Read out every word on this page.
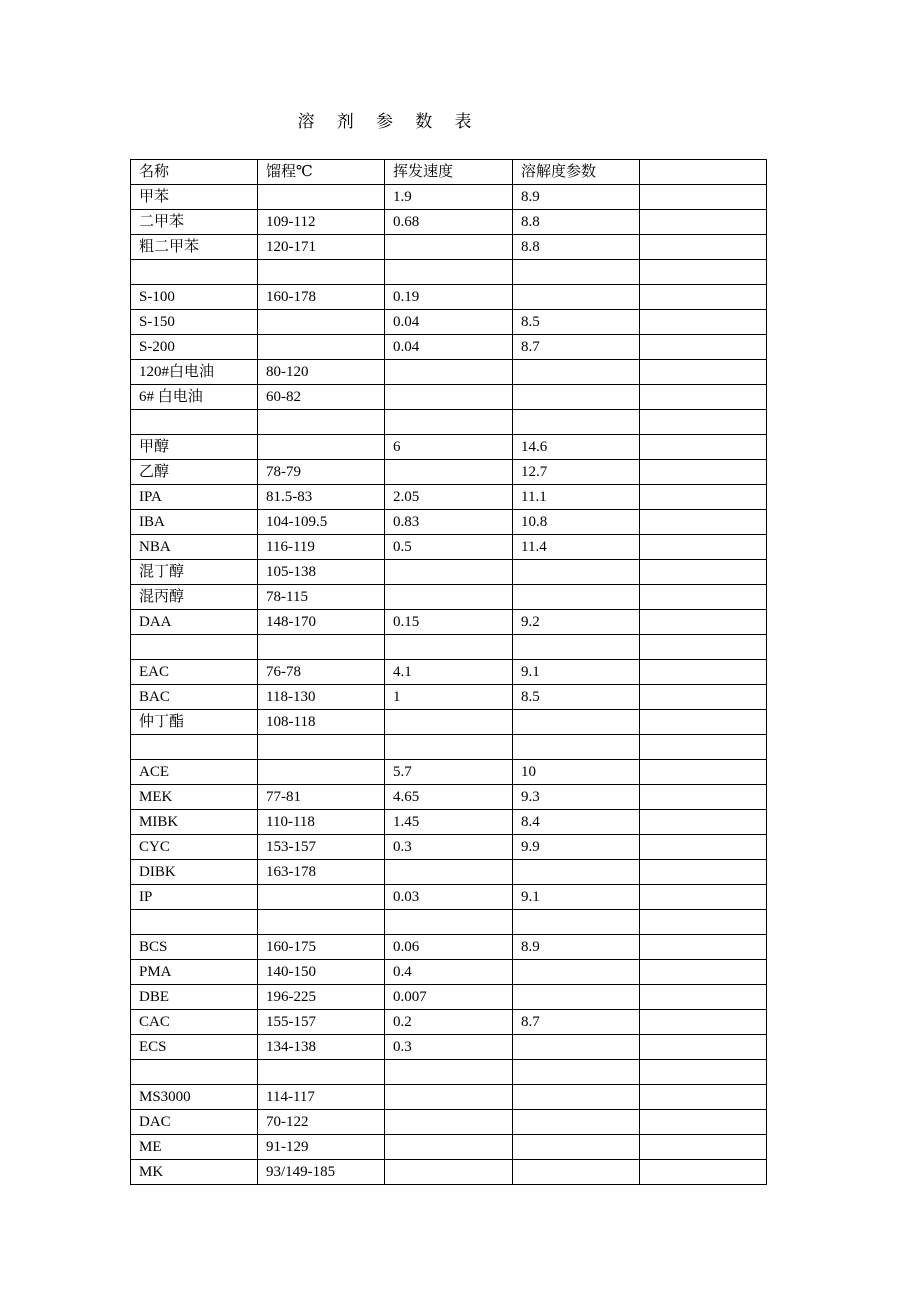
溶 剂 参 数 表
名称	馏程℃	挥发速度	溶解度参数	
甲苯		1.9	8.9	
二甲苯	109-112	0.68	8.8	
粗二甲苯	120-171		8.8	

S-100	160-178	0.19		
S-150		0.04	8.5	
S-200		0.04	8.7	
120#白电油	80-120			
6# 白电油	60-82			

甲醇		6	14.6	
乙醇	78-79		12.7	
IPA	81.5-83	2.05	11.1	
IBA	104-109.5	0.83	10.8	
NBA	116-119	0.5	11.4	
混丁醇	105-138			
混丙醇	78-115			
DAA	148-170	0.15	9.2	

EAC	76-78	4.1	9.1	
BAC	118-130	1	8.5	
仲丁酯	108-118			

ACE		5.7	10	
MEK	77-81	4.65	9.3	
MIBK	110-118	1.45	8.4	
CYC	153-157	0.3	9.9	
DIBK	163-178			
IP		0.03	9.1	

BCS	160-175	0.06	8.9	
PMA	140-150	0.4		
DBE	196-225	0.007		
CAC	155-157	0.2	8.7	
ECS	134-138	0.3		

MS3000	114-117			
DAC	70-122			
ME	91-129			
MK	93/149-185			
